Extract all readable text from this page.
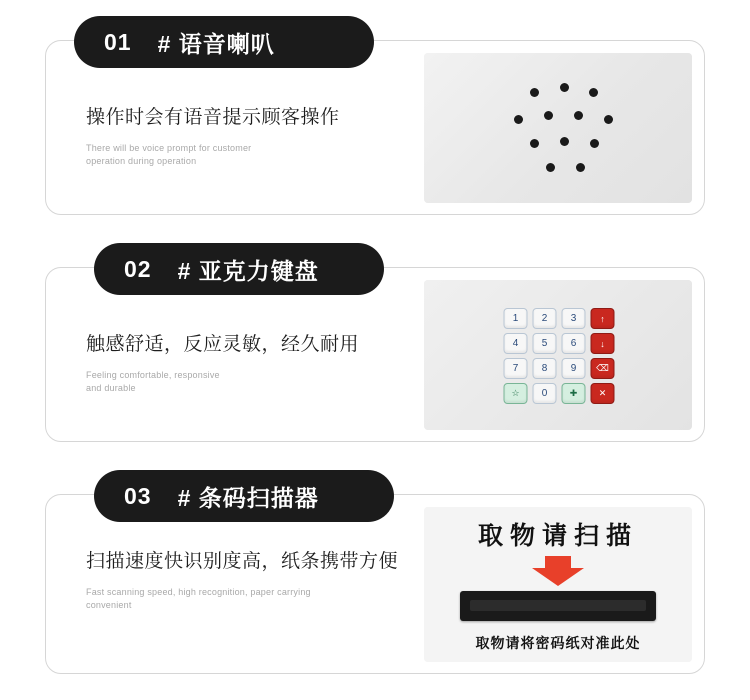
01 # 语音喇叭
操作时会有语音提示顾客操作
There will be voice prompt for customer
operation during operation
02 # 亚克力键盘
触感舒适，反应灵敏，经久耐用
Feeling comfortable, responsive
and durable
1	2	3	↑
4	5	6	↓
7	8	9	⌫
☆	0	✚	✕
03 # 条码扫描器
扫描速度快识别度高，纸条携带方便
Fast scanning speed, high recognition, paper carrying
convenient
取物请扫描
取物请将密码纸对准此处
